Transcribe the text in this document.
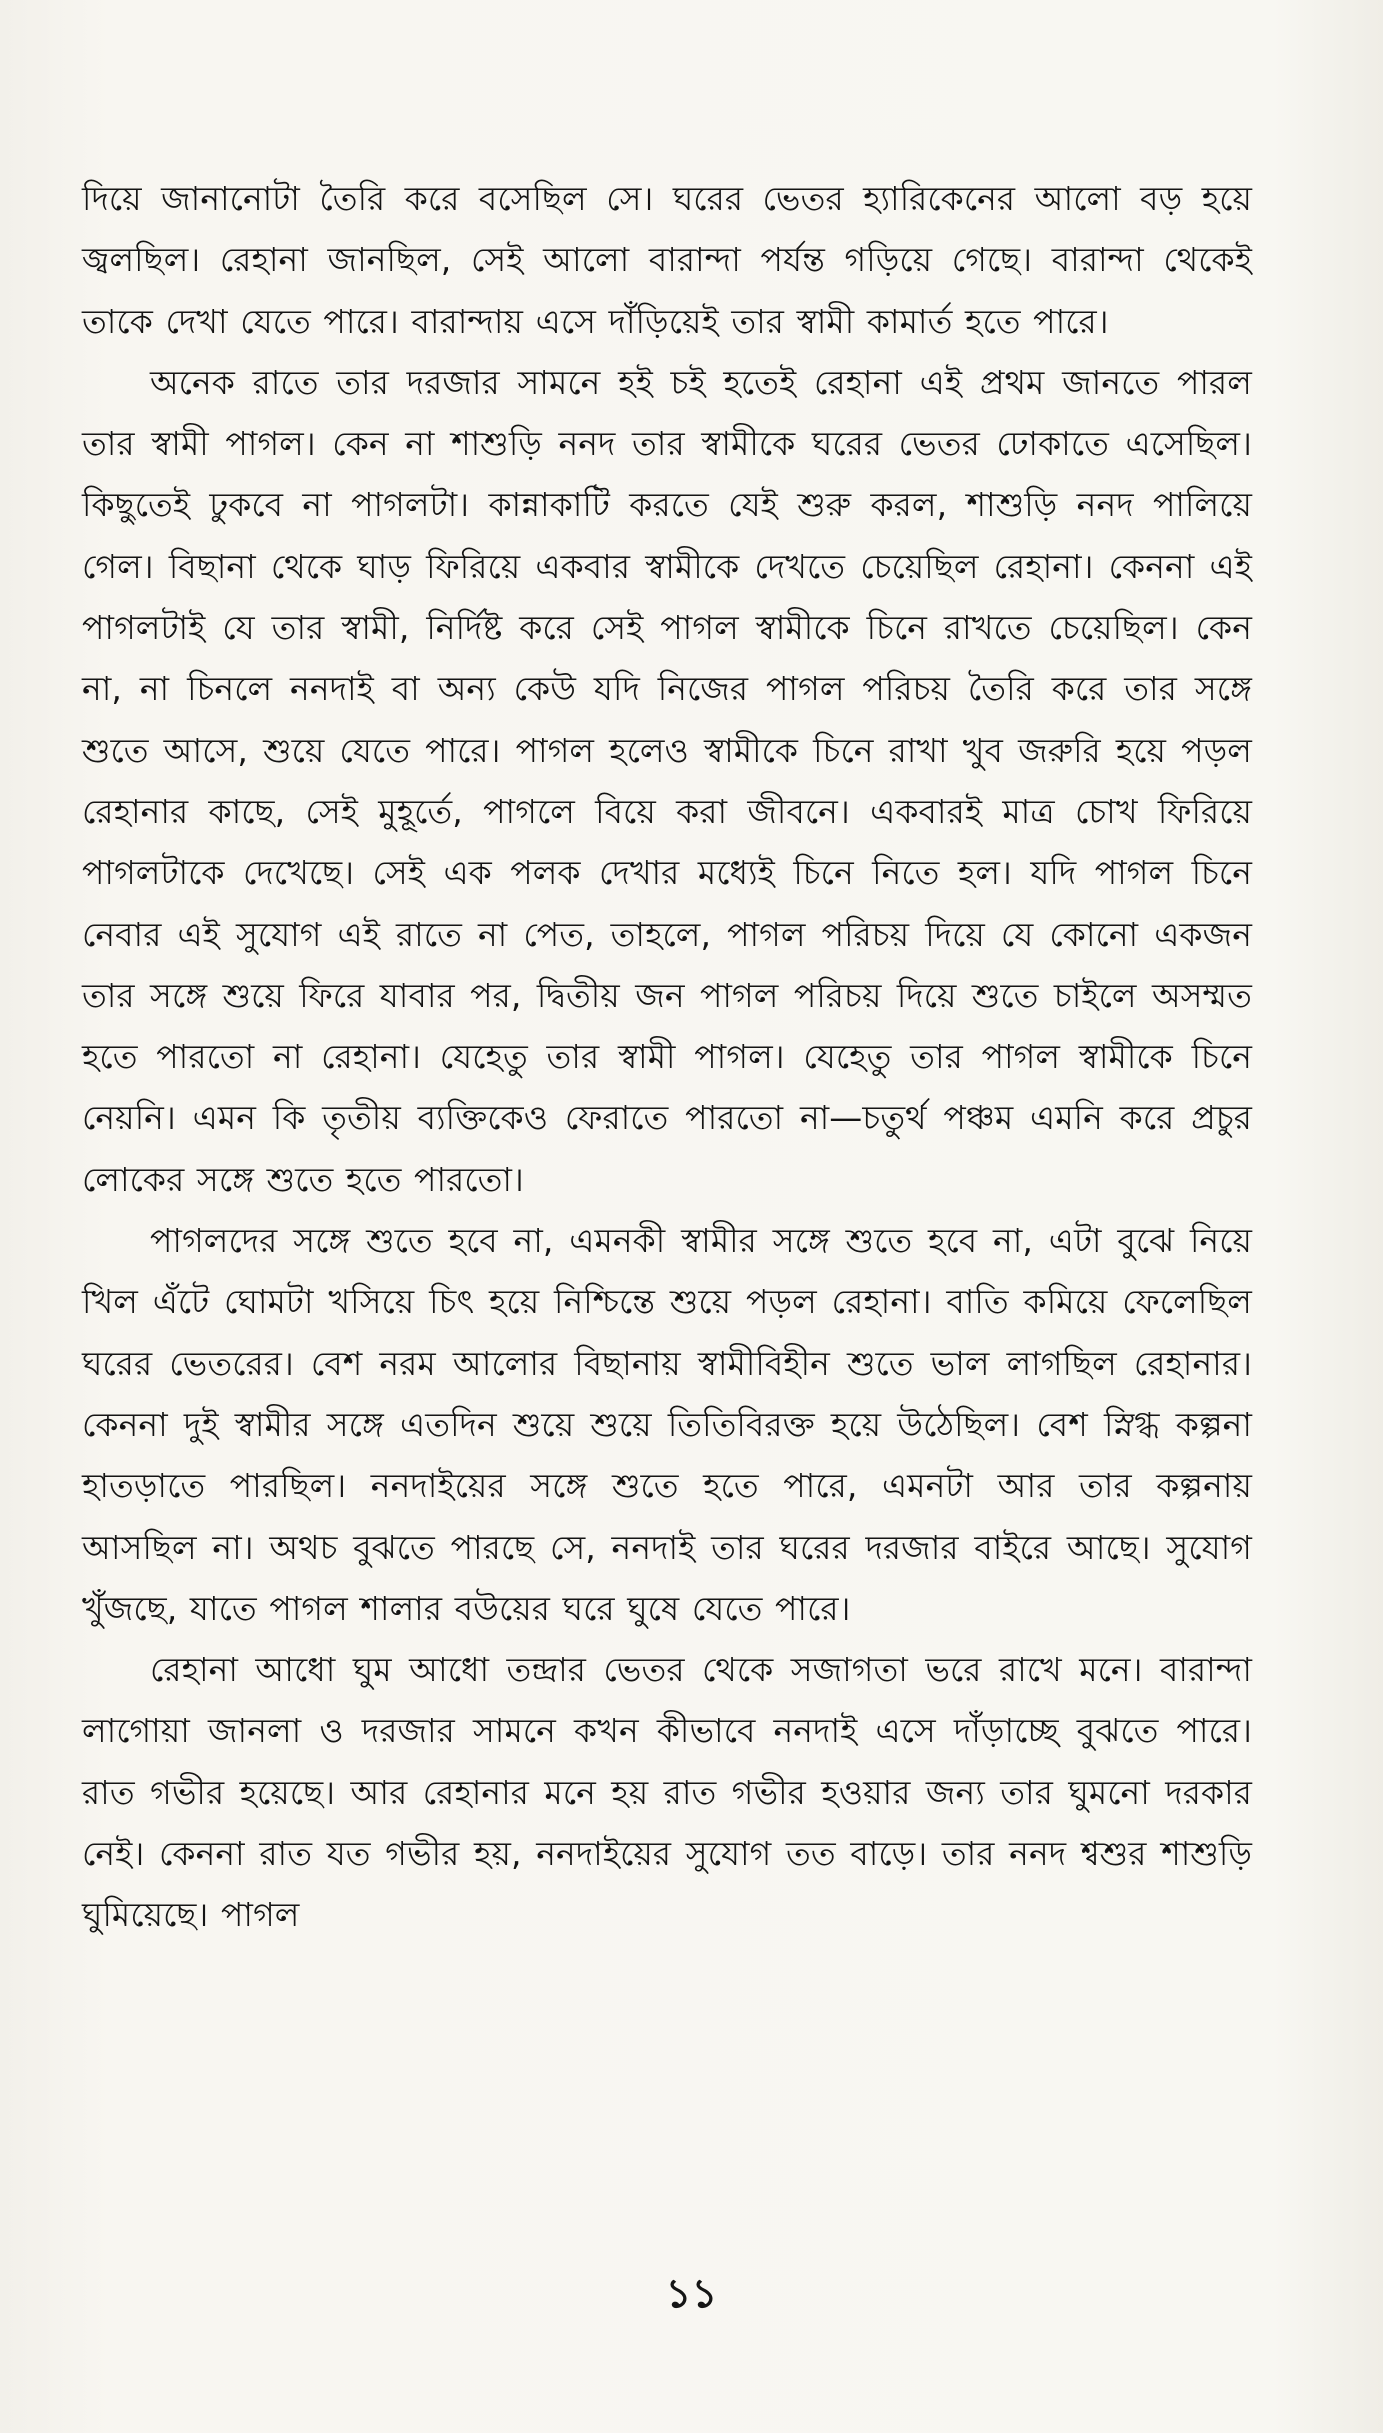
দিয়ে জানানোটা তৈরি করে বসেছিল সে। ঘরের ভেতর হ্যারিকেনের আলো বড় হয়ে জ্বলছিল। রেহানা জানছিল, সেই আলো বারান্দা পর্যন্ত গড়িয়ে গেছে। বারান্দা থেকেই তাকে দেখা যেতে পারে। বারান্দায় এসে দাঁড়িয়েই তার স্বামী কামার্ত হতে পারে।

অনেক রাতে তার দরজার সামনে হই চই হতেই রেহানা এই প্রথম জানতে পারল তার স্বামী পাগল। কেন না শাশুড়ি ননদ তার স্বামীকে ঘরের ভেতর ঢোকাতে এসেছিল। কিছুতেই ঢুকবে না পাগলটা। কান্নাকাটি করতে যেই শুরু করল, শাশুড়ি ননদ পালিয়ে গেল। বিছানা থেকে ঘাড় ফিরিয়ে একবার স্বামীকে দেখতে চেয়েছিল রেহানা। কেননা এই পাগলটাই যে তার স্বামী, নির্দিষ্ট করে সেই পাগল স্বামীকে চিনে রাখতে চেয়েছিল। কেন না, না চিনলে ননদাই বা অন্য কেউ যদি নিজের পাগল পরিচয় তৈরি করে তার সঙ্গে শুতে আসে, শুয়ে যেতে পারে। পাগল হলেও স্বামীকে চিনে রাখা খুব জরুরি হয়ে পড়ল রেহানার কাছে, সেই মুহূর্তে, পাগলে বিয়ে করা জীবনে। একবারই মাত্র চোখ ফিরিয়ে পাগলটাকে দেখেছে। সেই এক পলক দেখার মধ্যেই চিনে নিতে হল। যদি পাগল চিনে নেবার এই সুযোগ এই রাতে না পেত, তাহলে, পাগল পরিচয় দিয়ে যে কোনো একজন তার সঙ্গে শুয়ে ফিরে যাবার পর, দ্বিতীয় জন পাগল পরিচয় দিয়ে শুতে চাইলে অসম্মত হতে পারতো না রেহানা। যেহেতু তার স্বামী পাগল। যেহেতু তার পাগল স্বামীকে চিনে নেয়নি। এমন কি তৃতীয় ব্যক্তিকেও ফেরাতে পারতো না—চতুর্থ পঞ্চম এমনি করে প্রচুর লোকের সঙ্গে শুতে হতে পারতো।

পাগলদের সঙ্গে শুতে হবে না, এমনকী স্বামীর সঙ্গে শুতে হবে না, এটা বুঝে নিয়ে খিল এঁটে ঘোমটা খসিয়ে চিৎ হয়ে নিশ্চিন্তে শুয়ে পড়ল রেহানা। বাতি কমিয়ে ফেলেছিল ঘরের ভেতরের। বেশ নরম আলোর বিছানায় স্বামীবিহীন শুতে ভাল লাগছিল রেহানার। কেননা দুই স্বামীর সঙ্গে এতদিন শুয়ে শুয়ে তিতিবিরক্ত হয়ে উঠেছিল। বেশ স্নিগ্ধ কল্পনা হাতড়াতে পারছিল। ননদাইয়ের সঙ্গে শুতে হতে পারে, এমনটা আর তার কল্পনায় আসছিল না। অথচ বুঝতে পারছে সে, ননদাই তার ঘরের দরজার বাইরে আছে। সুযোগ খুঁজছে, যাতে পাগল শালার বউয়ের ঘরে ঘুষে যেতে পারে।

রেহানা আধো ঘুম আধো তন্দ্রার ভেতর থেকে সজাগতা ভরে রাখে মনে। বারান্দা লাগোয়া জানলা ও দরজার সামনে কখন কীভাবে ননদাই এসে দাঁড়াচ্ছে বুঝতে পারে। রাত গভীর হয়েছে। আর রেহানার মনে হয় রাত গভীর হওয়ার জন্য তার ঘুমনো দরকার নেই। কেননা রাত যত গভীর হয়, ননদাইয়ের সুযোগ তত বাড়ে। তার ননদ শ্বশুর শাশুড়ি ঘুমিয়েছে। পাগল

১১
